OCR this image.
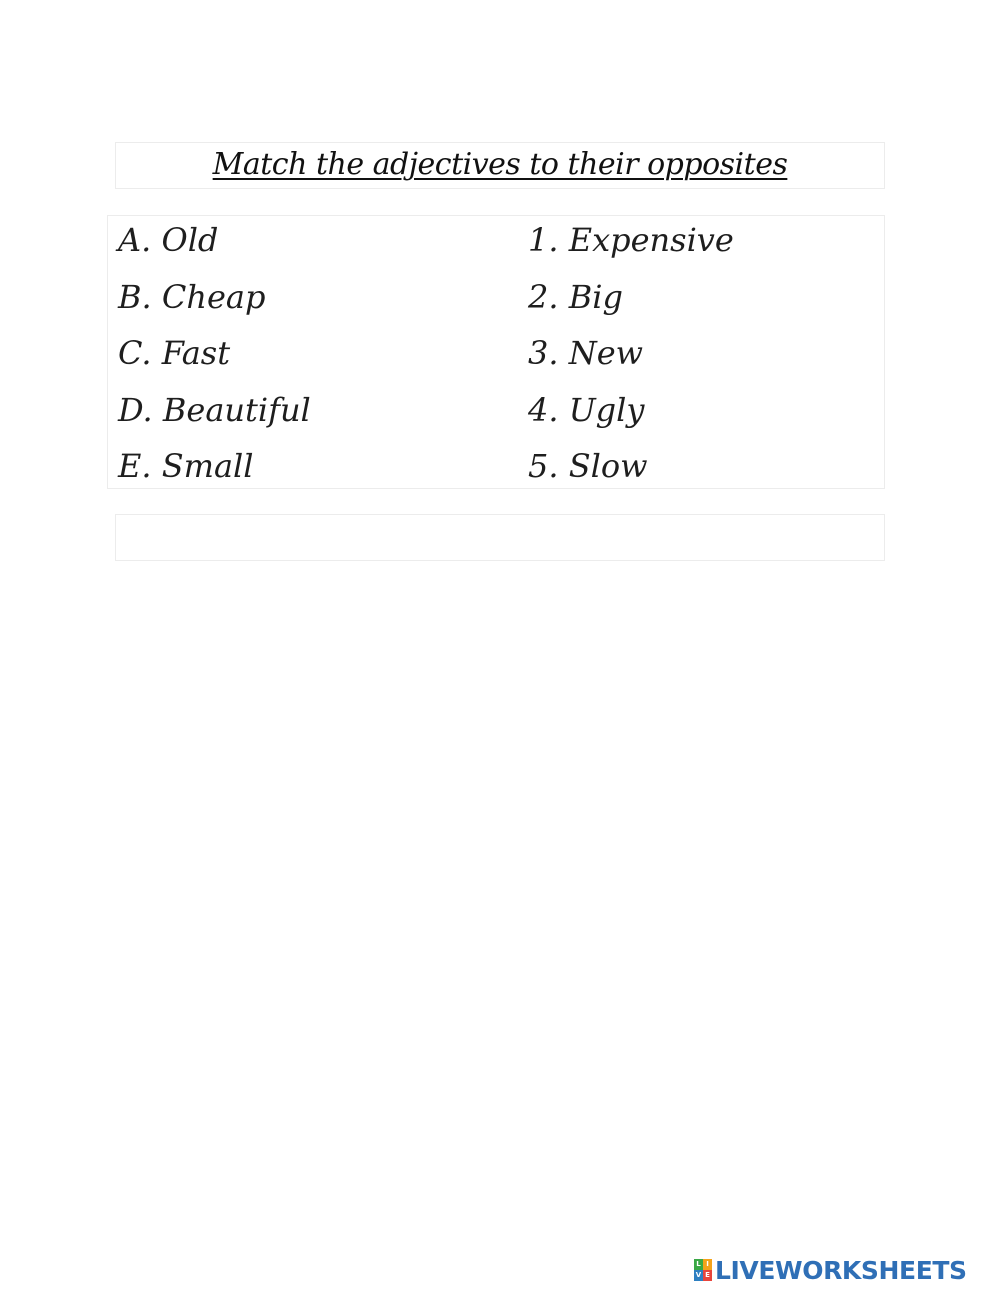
Match the adjectives to their opposites
A. Old
B. Cheap
C. Fast
D. Beautiful
E. Small
1. Expensive
2. Big
3. New
4. Ugly
5. Slow
L I
V E LIVEWORKSHEETS
